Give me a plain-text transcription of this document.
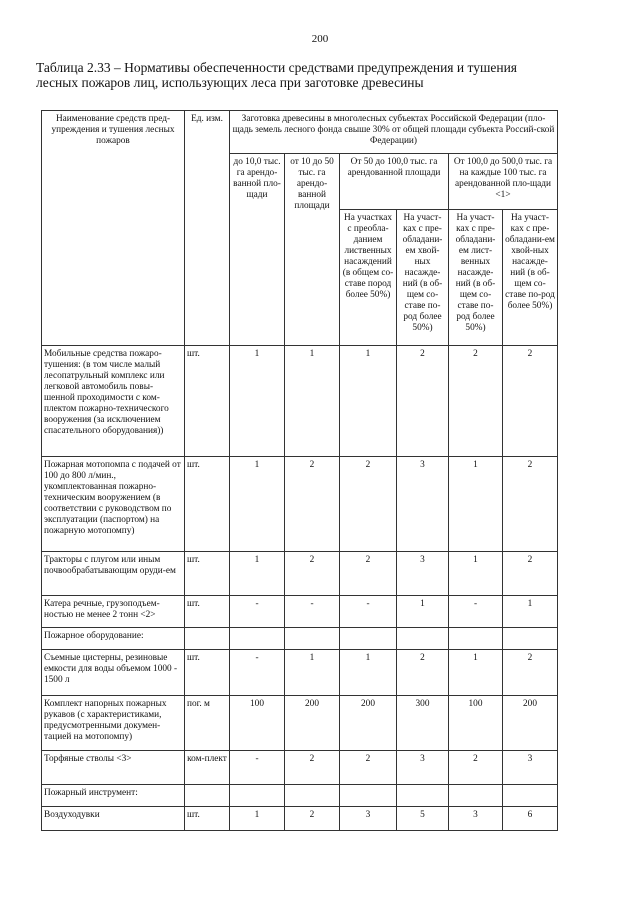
200
Таблица 2.33 – Нормативы обеспеченности средствами предупреждения и тушения
лесных пожаров лиц, использующих леса при заготовке древесины
Наименование средств пред-упреждения и тушения лесных пожаров	Ед. изм.	Заготовка древесины в многолесных субъектах Российской Федерации (пло-щадь земель лесного фонда свыше 30% от общей площади субъекта Россий-ской Федерации)					
		до 10,0 тыс. га арендо-ванной пло-щади	от 10 до 50 тыс. га арендо-ванной площади	От 50 до 100,0 тыс. га арендованной площади		От 100,0 до 500,0 тыс. га на каждые 100 тыс. га арендованной пло-щади <1>	
				На участках с преобла-данием лиственных насаждений (в общем со-ставе пород более 50%)	На участ-ках с пре-обладани-ем хвой-ных насажде-ний (в об-щем со-ставе по-род более 50%)	На участ-ках с пре-обладани-ем лист-венных насажде-ний (в об-щем со-ставе по-род более 50%)	На участ-ках с пре-обладани-ем хвой-ных насажде-ний (в об-щем со-ставе по-род более 50%)
Мобильные средства пожаро-тушения: (в том числе малый лесопатрульный комплекс или легковой автомобиль повы-шенной проходимости с ком-плектом пожарно-технического вооружения (за исключением спасательного оборудования))	шт.	1	1	1	2	2	2
Пожарная мотопомпа с подачей от 100 до 800 л/мин., укомплектованная пожарно-техническим вооружением (в соответствии с руководством по эксплуатации (паспортом) на пожарную мотопомпу)	шт.	1	2	2	3	1	2
Тракторы с плугом или иным почвообрабатывающим оруди-ем	шт.	1	2	2	3	1	2
Катера речные, грузоподъем-ностью не менее 2 тонн <2>	шт.	-	-	-	1	-	1
Пожарное оборудование:							
Съемные цистерны, резиновые емкости для воды объемом 1000 - 1500 л	шт.	-	1	1	2	1	2
Комплект напорных пожарных рукавов (с характеристиками, предусмотренными докумен-тацией на мотопомпу)	пог. м	100	200	200	300	100	200
Торфяные стволы <3>	ком-плект	-	2	2	3	2	3
Пожарный инструмент:							
Воздуходувки	шт.	1	2	3	5	3	6
